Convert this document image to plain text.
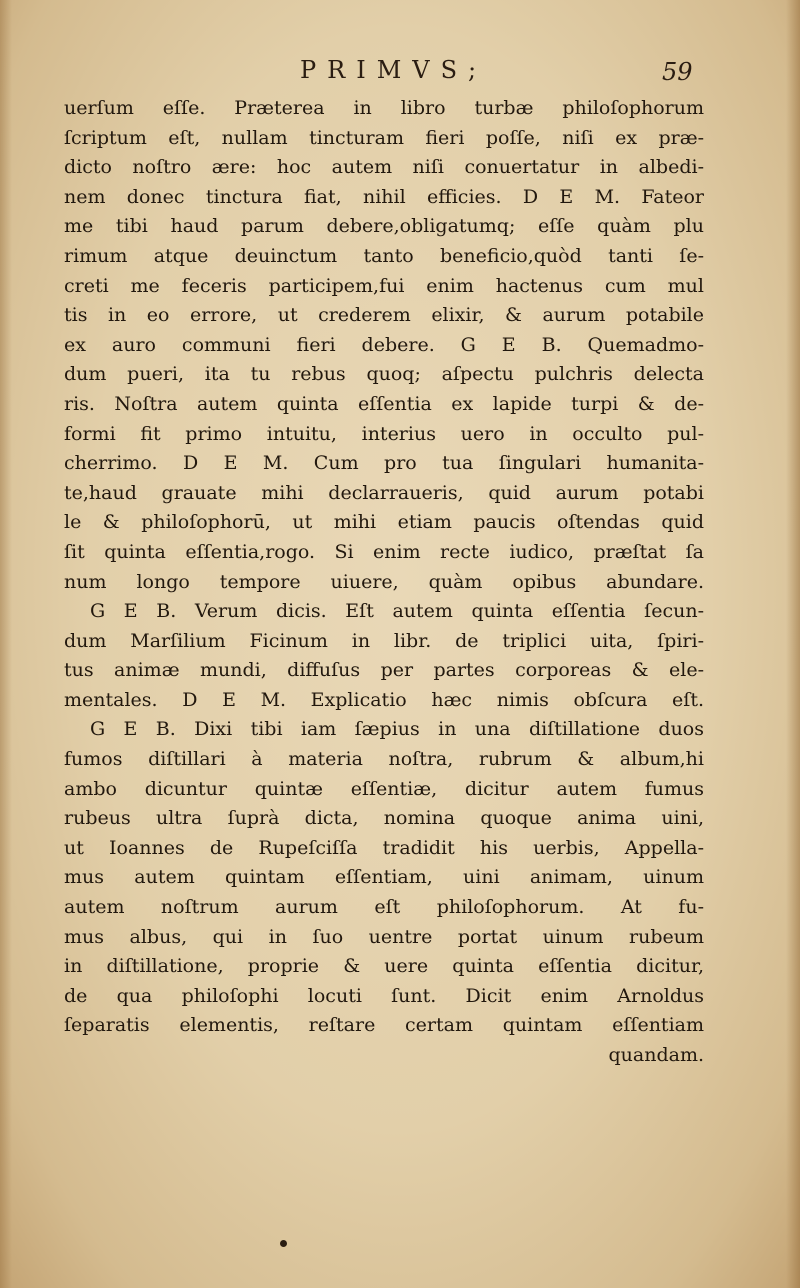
PRIMVS;	59
uerſum eſſe. Præterea in libro turbæ philoſophorum
ſcriptum eſt, nullam tincturam fieri poſſe, niſi ex præ-
dicto noſtro ære: hoc autem niſi conuertatur in albedi-
nem donec tinctura fiat, nihil efficies. D E M. Fateor
me tibi haud parum debere,obligatumq; eſſe quàm plu
rimum atque deuinctum tanto beneficio,quòd tanti ſe-
creti me feceris participem,fui enim hactenus cum mul
tis in eo errore, ut crederem elixir, & aurum potabile
ex auro communi fieri debere. G E B. Quemadmo-
dum pueri, ita tu rebus quoq; aſpectu pulchris delecta
ris. Noſtra autem quinta eſſentia ex lapide turpi & de-
formi fit primo intuitu, interius uero in occulto pul-
cherrimo. D E M. Cum pro tua ſingulari humanita-
te,haud grauate mihi declarraueris, quid aurum potabi
le & philoſophorū, ut mihi etiam paucis oſtendas quid
ſit quinta eſſentia,rogo. Si enim recte iudico, præſtat ſa
num longo tempore uiuere, quàm opibus abundare.
G E B. Verum dicis. Eſt autem quinta eſſentia ſecun-
dum Marſilium Ficinum in libr. de triplici uita, ſpiri-
tus animæ mundi, diffuſus per partes corporeas & ele-
mentales. D E M. Explicatio hæc nimis obſcura eſt.
G E B. Dixi tibi iam ſæpius in una diſtillatione duos
fumos diſtillari à materia noſtra, rubrum & album,hi
ambo dicuntur quintæ eſſentiæ, dicitur autem fumus
rubeus ultra ſuprà dicta, nomina quoque anima uini,
ut Ioannes de Rupeſciſſa tradidit his uerbis, Appella-
mus autem quintam eſſentiam, uini animam, uinum
autem noſtrum aurum eſt philoſophorum. At fu-
mus albus, qui in ſuo uentre portat uinum rubeum
in diſtillatione, proprie & uere quinta eſſentia dicitur,
de qua philoſophi locuti ſunt. Dicit enim Arnoldus
ſeparatis elementis, reſtare certam quintam eſſentiam
quandam.
